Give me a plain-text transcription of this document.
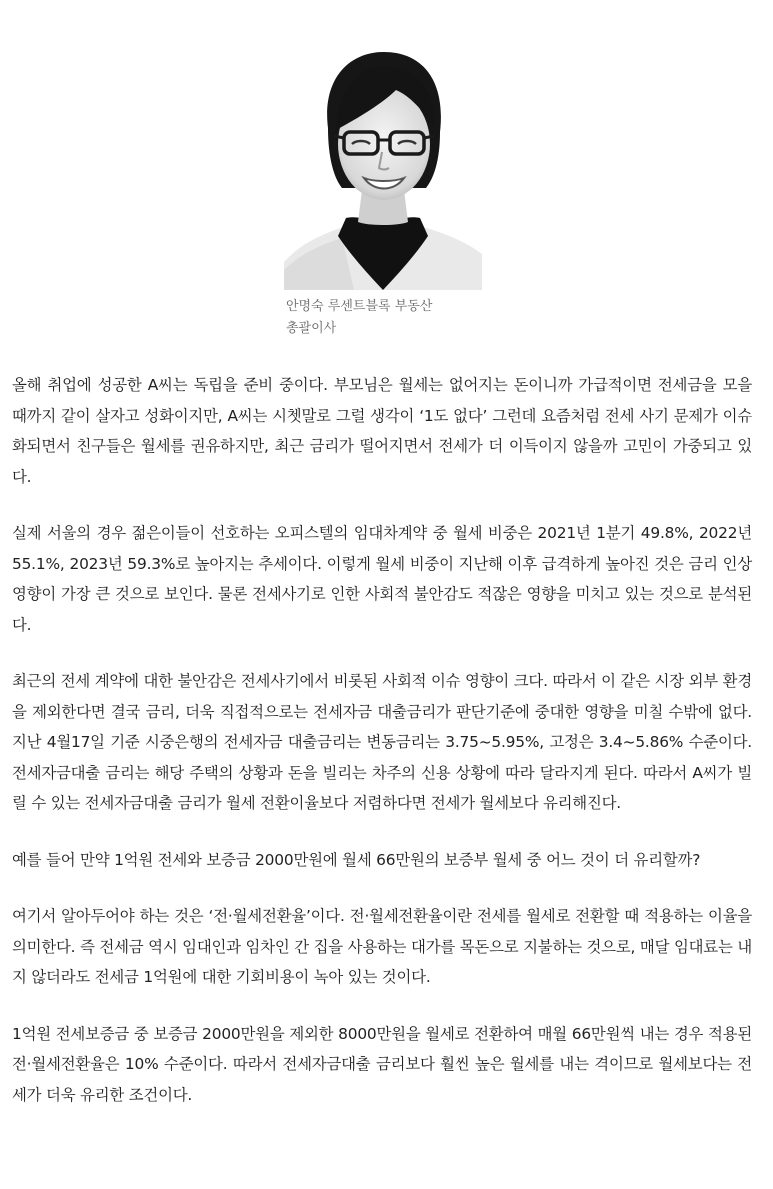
안명숙 루센트블록 부동산 총괄이사

올해 취업에 성공한 A씨는 독립을 준비 중이다. 부모님은 월세는 없어지는 돈이니까 가급적이면 전세금을 모을 때까지 같이 살자고 성화이지만, A씨는 시쳇말로 그럴 생각이 ‘1도 없다’ 그런데 요즘처럼 전세 사기 문제가 이슈화되면서 친구들은 월세를 권유하지만, 최근 금리가 떨어지면서 전세가 더 이득이지 않을까 고민이 가중되고 있다.

실제 서울의 경우 젊은이들이 선호하는 오피스텔의 임대차계약 중 월세 비중은 2021년 1분기 49.8%, 2022년 55.1%, 2023년 59.3%로 높아지는 추세이다. 이렇게 월세 비중이 지난해 이후 급격하게 높아진 것은 금리 인상 영향이 가장 큰 것으로 보인다. 물론 전세사기로 인한 사회적 불안감도 적잖은 영향을 미치고 있는 것으로 분석된다.

최근의 전세 계약에 대한 불안감은 전세사기에서 비롯된 사회적 이슈 영향이 크다. 따라서 이 같은 시장 외부 환경을 제외한다면 결국 금리, 더욱 직접적으로는 전세자금 대출금리가 판단기준에 중대한 영향을 미칠 수밖에 없다. 지난 4월17일 기준 시중은행의 전세자금 대출금리는 변동금리는 3.75~5.95%, 고정은 3.4~5.86% 수준이다. 전세자금대출 금리는 해당 주택의 상황과 돈을 빌리는 차주의 신용 상황에 따라 달라지게 된다. 따라서 A씨가 빌릴 수 있는 전세자금대출 금리가 월세 전환이율보다 저렴하다면 전세가 월세보다 유리해진다.

예를 들어 만약 1억원 전세와 보증금 2000만원에 월세 66만원의 보증부 월세 중 어느 것이 더 유리할까?

여기서 알아두어야 하는 것은 ‘전·월세전환율’이다. 전·월세전환율이란 전세를 월세로 전환할 때 적용하는 이율을 의미한다. 즉 전세금 역시 임대인과 임차인 간 집을 사용하는 대가를 목돈으로 지불하는 것으로, 매달 임대료는 내지 않더라도 전세금 1억원에 대한 기회비용이 녹아 있는 것이다.

1억원 전세보증금 중 보증금 2000만원을 제외한 8000만원을 월세로 전환하여 매월 66만원씩 내는 경우 적용된 전·월세전환율은 10% 수준이다. 따라서 전세자금대출 금리보다 훨씬 높은 월세를 내는 격이므로 월세보다는 전세가 더욱 유리한 조건이다.
